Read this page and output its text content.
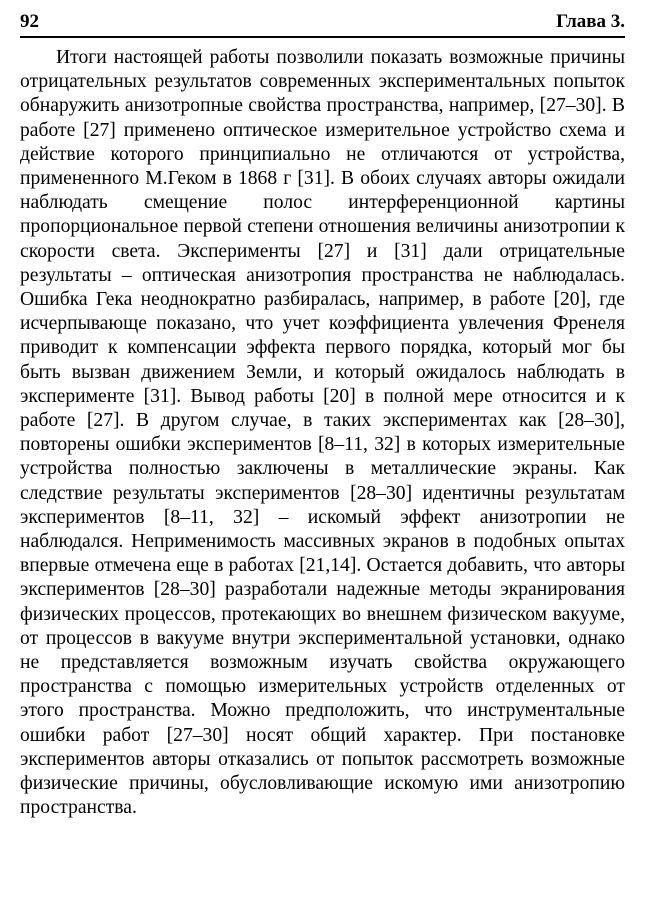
92	Глава 3.

Итоги настоящей работы позволили показать возможные причины отрицательных результатов современных экспериментальных попыток обнаружить анизотропные свойства пространства, например, [27–30]. В работе [27] применено оптическое измерительное устройство схема и действие которого принципиально не отличаются от устройства, примененного М.Геком в 1868 г [31]. В обоих случаях авторы ожидали наблюдать смещение полос интерференционной картины пропорциональное первой степени отношения величины анизотропии к скорости света. Эксперименты [27] и [31] дали отрицательные результаты – оптическая анизотропия пространства не наблюдалась. Ошибка Гека неоднократно разбиралась, например, в работе [20], где исчерпывающе показано, что учет коэффициента увлечения Френеля приводит к компенсации эффекта первого порядка, который мог бы быть вызван движением Земли, и который ожидалось наблюдать в эксперименте [31]. Вывод работы [20] в полной мере относится и к работе [27]. В другом случае, в таких экспериментах как [28–30], повторены ошибки экспериментов [8–11, 32] в которых измерительные устройства полностью заключены в металлические экраны. Как следствие результаты экспериментов [28–30] идентичны результатам экспериментов [8–11, 32] – искомый эффект анизотропии не наблюдался. Неприменимость массивных экранов в подобных опытах впервые отмечена еще в работах [21,14]. Остается добавить, что авторы экспериментов [28–30] разработали надежные методы экранирования физических процессов, протекающих во внешнем физическом вакууме, от процессов в вакууме внутри экспериментальной установки, однако не представляется возможным изучать свойства окружающего пространства с помощью измерительных устройств отделенных от этого пространства. Можно предположить, что инструментальные ошибки работ [27–30] носят общий характер. При постановке экспериментов авторы отказались от попыток рассмотреть возможные физические причины, обусловливающие искомую ими анизотропию пространства.
